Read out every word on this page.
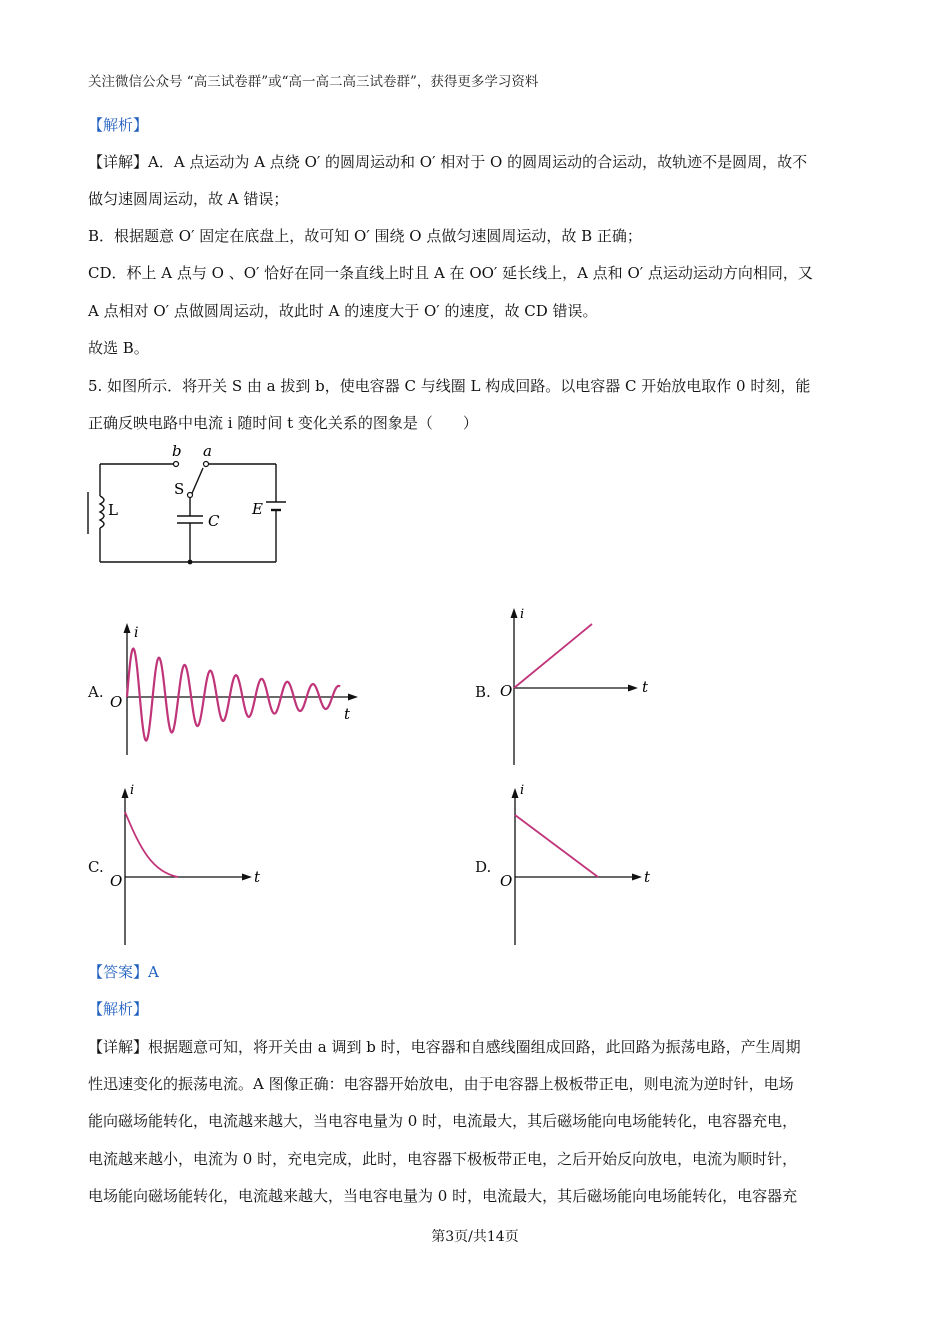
关注微信公众号 “高三试卷群”或“高一高二高三试卷群”，获得更多学习资料
【解析】
【详解】A．A 点运动为 A 点绕 O′ 的圆周运动和 O′ 相对于 O 的圆周运动的合运动，故轨迹不是圆周，故不
做匀速圆周运动，故 A 错误；
B．根据题意 O′ 固定在底盘上，故可知 O′ 围绕 O 点做匀速圆周运动，故 B 正确；
CD．杯上 A 点与 O 、O′ 恰好在同一条直线上时且 A 在 OO′ 延长线上，A 点和 O′ 点运动运动方向相同，又
A 点相对 O′ 点做圆周运动，故此时 A 的速度大于 O′ 的速度，故 CD 错误。
故选 B。
5. 如图所示．将开关 S 由 a 拔到 b，使电容器 C 与线圈 L 构成回路。以电容器 C 开始放电取作 0 时刻，能
正确反映电路中电流 i 随时间 t 变化关系的图象是（　　）
b a
S
L
C
E
A.
i
O
t
B.
i
O	t
C.
i
O	t
D.
i
O	t
【答案】A
【解析】
【详解】根据题意可知，将开关由 a 调到 b 时，电容器和自感线圈组成回路，此回路为振荡电路，产生周期
性迅速变化的振荡电流。A 图像正确：电容器开始放电，由于电容器上极板带正电，则电流为逆时针，电场
能向磁场能转化，电流越来越大，当电容电量为 0 时，电流最大，其后磁场能向电场能转化，电容器充电，
电流越来越小，电流为 0 时，充电完成，此时，电容器下极板带正电，之后开始反向放电，电流为顺时针，
电场能向磁场能转化，电流越来越大，当电容电量为 0 时，电流最大，其后磁场能向电场能转化，电容器充
第3页/共14页
